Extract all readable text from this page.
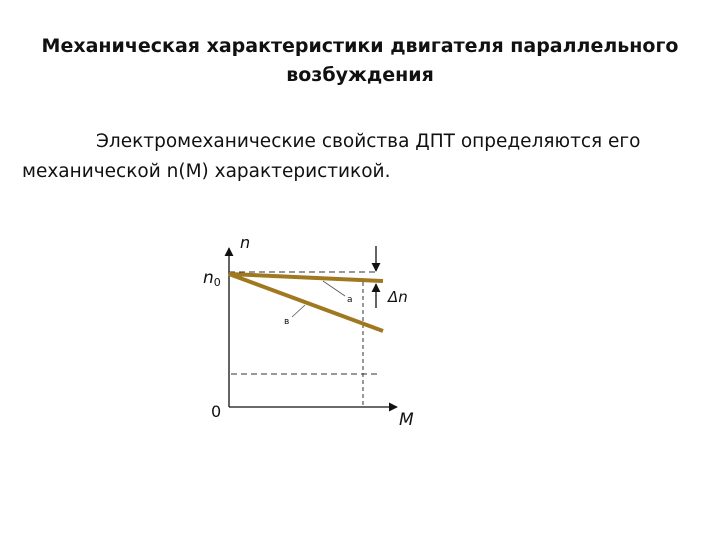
Механическая характеристики двигателя параллельного
возбуждения
Электромеханические свойства ДПТ определяются его
механической n(M) характеристикой.
n
n0
Δn
а
в
0	M
